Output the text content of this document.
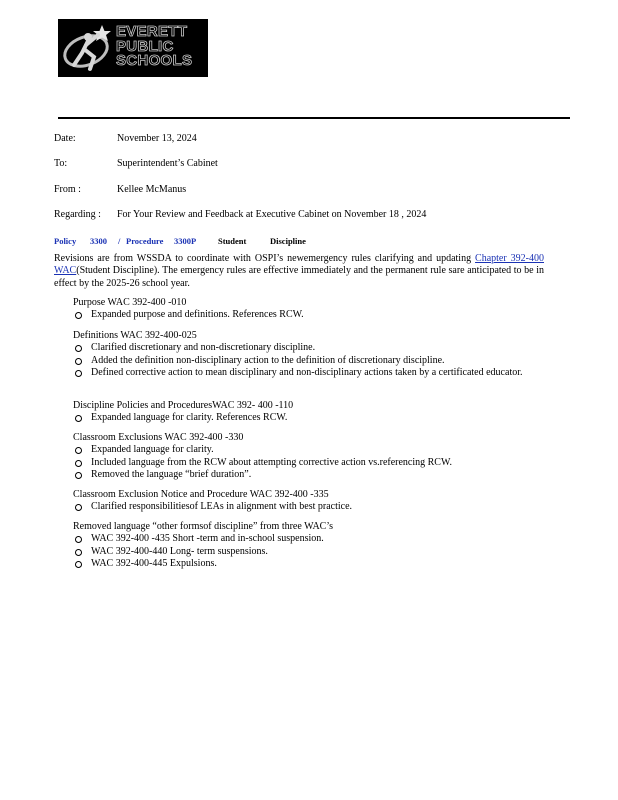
EVERETT
PUBLIC
SCHOOLS
Date:	November 13, 2024
To:	Superintendent’s Cabinet
From :	Kellee McManus
Regarding : For Your Review and Feedback at Executive Cabinet on November 18 , 2024
Policy 3300 / Procedure 3300P	Student	Discipline
Revisions are from WSSDA to coordinate with OSPI’s newemergency rules clarifying and updating Chapter 392-400 WAC(Student Discipline). The emergency rules are effective immediately and the permanent rule sare anticipated to be in effect by the 2025-26 school year.
Purpose WAC 392-400 -010
Expanded purpose and definitions. References RCW.
Definitions WAC 392-400-025
Clarified discretionary and non-discretionary discipline.
Added the definition non-disciplinary action to the definition of discretionary discipline.
Defined corrective action to mean disciplinary and non-disciplinary actions taken by a certificated educator.
Discipline Policies and ProceduresWAC 392- 400 -110
Expanded language for clarity. References RCW.
Classroom Exclusions WAC 392-400 -330
Expanded language for clarity.
Included language from the RCW about attempting corrective action vs.referencing RCW.
Removed the language “brief duration”.
Classroom Exclusion Notice and Procedure WAC 392-400 -335
Clarified responsibilitiesof LEAs in alignment with best practice.
Removed language “other formsof discipline” from three WAC’s
WAC 392-400 -435 Short -term and in-school suspension.
WAC 392-400-440 Long- term suspensions.
WAC 392-400-445 Expulsions.
